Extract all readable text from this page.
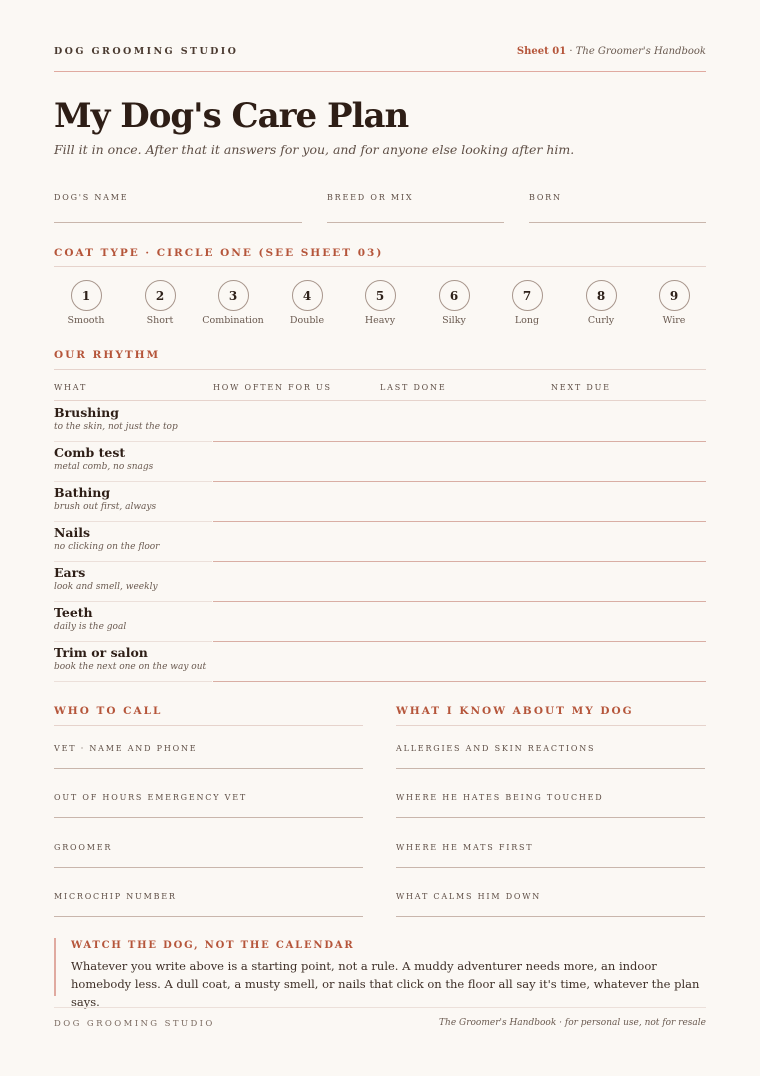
DOG GROOMING STUDIO	Sheet 01 · The Groomer's Handbook
My Dog's Care Plan

Fill it in once. After that it answers for you, and for anyone else looking after him.

DOG'S NAME	BREED OR MIX	BORN
COAT TYPE · CIRCLE ONE (SEE SHEET 03)
1
Smooth
2
Short
3
Combination
4
Double
5
Heavy
6
Silky
7
Long
8
Curly
9
Wire
OUR RHYTHM
WHAT	HOW OFTEN FOR US	LAST DONE	NEXT DUE
Brushing
to the skin, not just the top
Comb test
metal comb, no snags
Bathing
brush out first, always
Nails
no clicking on the floor
Ears
look and smell, weekly
Teeth
daily is the goal
Trim or salon
book the next one on the way out
WHO TO CALL	WHAT I KNOW ABOUT MY DOG
VET · NAME AND PHONE
OUT OF HOURS EMERGENCY VET
GROOMER
MICROCHIP NUMBER
ALLERGIES AND SKIN REACTIONS
WHERE HE HATES BEING TOUCHED
WHERE HE MATS FIRST
WHAT CALMS HIM DOWN
WATCH THE DOG, NOT THE CALENDAR
Whatever you write above is a starting point, not a rule. A muddy adventurer needs more, an indoor homebody less. A dull coat, a musty smell, or nails that click on the floor all say it's time, whatever the plan says.
DOG GROOMING STUDIO	The Groomer's Handbook · for personal use, not for resale
